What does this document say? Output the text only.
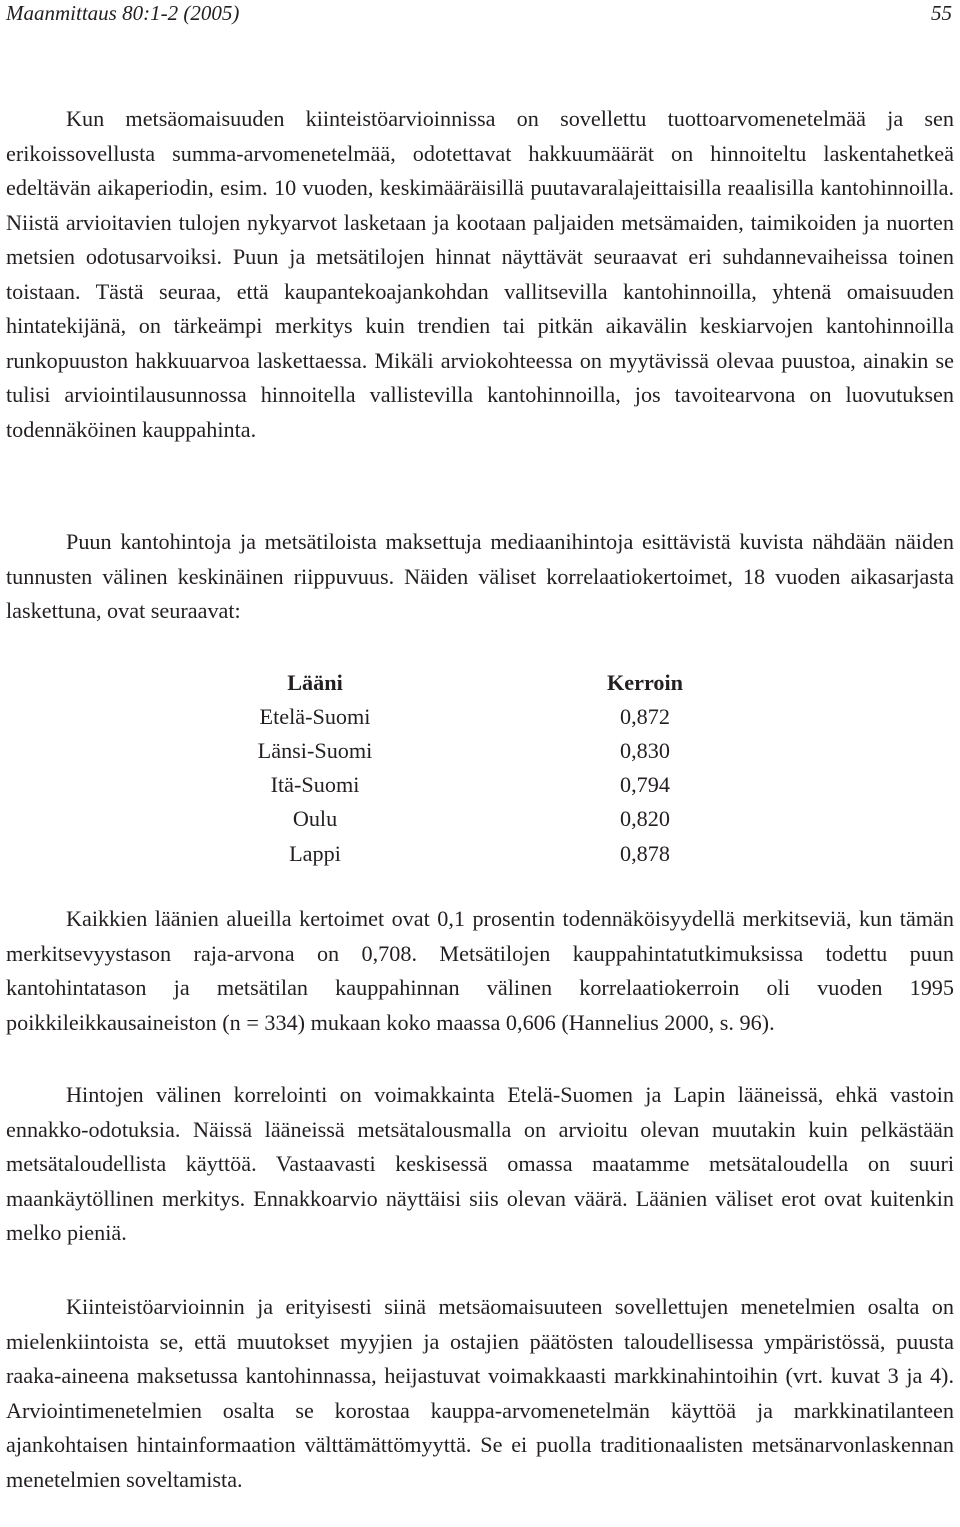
Maanmittaus 80:1-2 (2005)	55

Kun metsäomaisuuden kiinteistöarvioinnissa on sovellettu tuottoarvomenetelmää ja sen erikoissovellusta summa-arvomenetelmää, odotettavat hakkuumäärät on hinnoiteltu laskentahetkeä edeltävän aikaperiodin, esim. 10 vuoden, keskimääräisillä puutavaralajeittaisilla reaalisilla kantohinnoilla. Niistä arvioitavien tulojen nykyarvot lasketaan ja kootaan paljaiden metsämaiden, taimikoiden ja nuorten metsien odotusarvoiksi. Puun ja metsätilojen hinnat näyttävät seuraavat eri suhdannevaiheissa toinen toistaan. Tästä seuraa, että kaupantekoajankohdan vallitsevilla kantohinnoilla, yhtenä omaisuuden hintatekijänä, on tärkeämpi merkitys kuin trendien tai pitkän aikavälin keskiarvojen kantohinnoilla runkopuuston hakkuuarvoa laskettaessa. Mikäli arviokohteessa on myytävissä olevaa puustoa, ainakin se tulisi arviointilausunnossa hinnoitella vallistevilla kantohinnoilla, jos tavoitearvona on luovutuksen todennäköinen kauppahinta.

Puun kantohintoja ja metsätiloista maksettuja mediaanihintoja esittävistä kuvista nähdään näiden tunnusten välinen keskinäinen riippuvuus. Näiden väliset korrelaatiokertoimet, 18 vuoden aikasarjasta laskettuna, ovat seuraavat:

Lääni	Kerroin
Etelä-Suomi	0,872
Länsi-Suomi	0,830
Itä-Suomi	0,794
Oulu	0,820
Lappi	0,878

Kaikkien läänien alueilla kertoimet ovat 0,1 prosentin todennäköisyydellä merkitseviä, kun tämän merkitsevyystason raja-arvona on 0,708. Metsätilojen kauppahintatutkimuksissa todettu puun kantohintatason ja metsätilan kauppahinnan välinen korrelaatiokerroin oli vuoden 1995 poikkileikkausaineiston (n = 334) mukaan koko maassa 0,606 (Hannelius 2000, s. 96).

Hintojen välinen korrelointi on voimakkainta Etelä-Suomen ja Lapin lääneissä, ehkä vastoin ennakko-odotuksia. Näissä lääneissä metsätalousmalla on arvioitu olevan muutakin kuin pelkästään metsätaloudellista käyttöä. Vastaavasti keskisessä omassa maatamme metsätaloudella on suuri maankäytöllinen merkitys. Ennakkoarvio näyttäisi siis olevan väärä. Läänien väliset erot ovat kuitenkin melko pieniä.

Kiinteistöarvioinnin ja erityisesti siinä metsäomaisuuteen sovellettujen menetelmien osalta on mielenkiintoista se, että muutokset myyjien ja ostajien päätösten taloudellisessa ympäristössä, puusta raaka-aineena maksetussa kantohinnassa, heijastuvat voimakkaasti markkinahintoihin (vrt. kuvat 3 ja 4). Arviointimenetelmien osalta se korostaa kauppa-arvomenetelmän käyttöä ja markkinatilanteen ajankohtaisen hintainformaation välttämättömyyttä. Se ei puolla traditionaalisten metsänarvonlaskennan menetelmien soveltamista.
